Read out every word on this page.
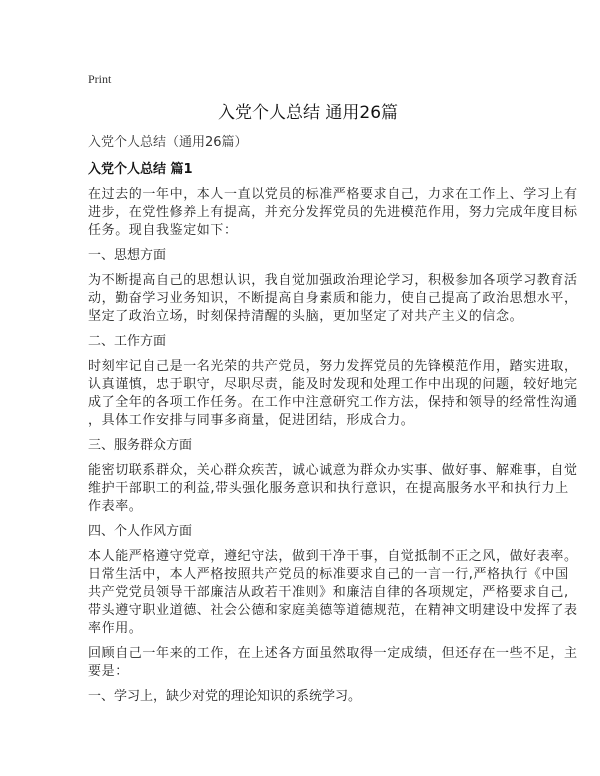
Print
入党个人总结 通用26篇
入党个人总结（通用26篇）
入党个人总结 篇1
在过去的一年中，本人一直以党员的标准严格要求自己，力求在工作上、学习上有
进步，在党性修养上有提高，并充分发挥党员的先进模范作用，努力完成年度目标
任务。现自我鉴定如下：
一、思想方面
为不断提高自己的思想认识，我自觉加强政治理论学习，积极参加各项学习教育活
动，勤奋学习业务知识，不断提高自身素质和能力，使自己提高了政治思想水平，
坚定了政治立场，时刻保持清醒的头脑，更加坚定了对共产主义的信念。
二、工作方面
时刻牢记自己是一名光荣的共产党员，努力发挥党员的先锋模范作用，踏实进取，
认真谨慎，忠于职守，尽职尽责，能及时发现和处理工作中出现的问题，较好地完
成了全年的各项工作任务。在工作中注意研究工作方法，保持和领导的经常性沟通
，具体工作安排与同事多商量，促进团结，形成合力。
三、服务群众方面
能密切联系群众，关心群众疾苦，诚心诚意为群众办实事、做好事、解难事，自觉
维护干部职工的利益,带头强化服务意识和执行意识，在提高服务水平和执行力上
作表率。
四、个人作风方面
本人能严格遵守党章，遵纪守法，做到干净干事，自觉抵制不正之风，做好表率。
日常生活中，本人严格按照共产党员的标准要求自己的一言一行,严格执行《中国
共产党党员领导干部廉洁从政若干准则》和廉洁自律的各项规定，严格要求自己,
带头遵守职业道德、社会公德和家庭美德等道德规范，在精神文明建设中发挥了表
率作用。
回顾自己一年来的工作，在上述各方面虽然取得一定成绩，但还存在一些不足，主
要是：
一、学习上，缺少对党的理论知识的系统学习。
